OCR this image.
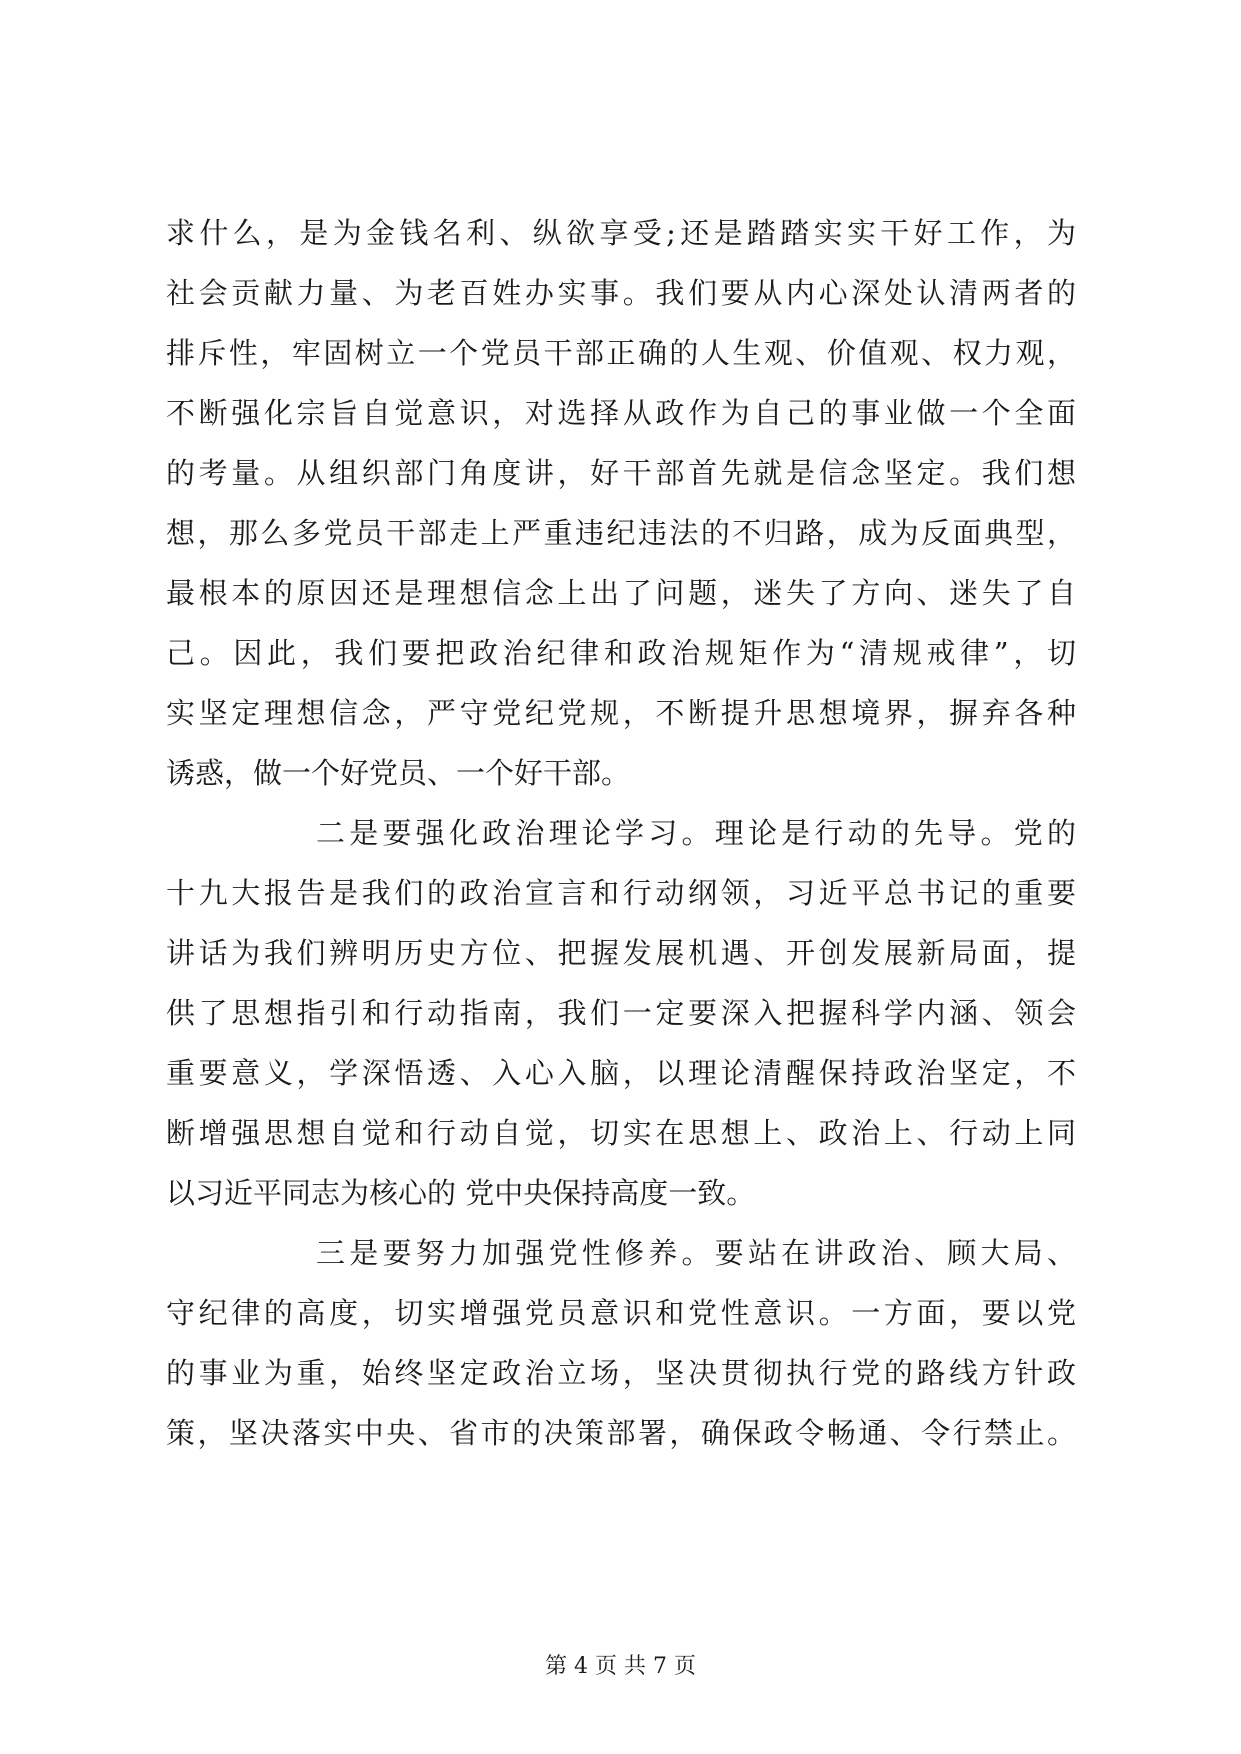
求什么，是为金钱名利、纵欲享受;还是踏踏实实干好工作，为
社会贡献力量、为老百姓办实事。我们要从内心深处认清两者的
排斥性，牢固树立一个党员干部正确的人生观、价值观、权力观，
不断强化宗旨自觉意识，对选择从政作为自己的事业做一个全面
的考量。从组织部门角度讲，好干部首先就是信念坚定。我们想
想，那么多党员干部走上严重违纪违法的不归路，成为反面典型，
最根本的原因还是理想信念上出了问题，迷失了方向、迷失了自
己。因此，我们要把政治纪律和政治规矩作为“清规戒律”，切
实坚定理想信念，严守党纪党规，不断提升思想境界，摒弃各种
诱惑，做一个好党员、一个好干部。
二是要强化政治理论学习。理论是行动的先导。党的
十九大报告是我们的政治宣言和行动纲领，习近平总书记的重要
讲话为我们辨明历史方位、把握发展机遇、开创发展新局面，提
供了思想指引和行动指南，我们一定要深入把握科学内涵、领会
重要意义，学深悟透、入心入脑，以理论清醒保持政治坚定，不
断增强思想自觉和行动自觉，切实在思想上、政治上、行动上同
以习近平同志为核心的 党中央保持高度一致。
三是要努力加强党性修养。要站在讲政治、顾大局、
守纪律的高度，切实增强党员意识和党性意识。一方面，要以党
的事业为重，始终坚定政治立场，坚决贯彻执行党的路线方针政
策，坚决落实中央、省市的决策部署，确保政令畅通、令行禁止。
第 4 页 共 7 页
